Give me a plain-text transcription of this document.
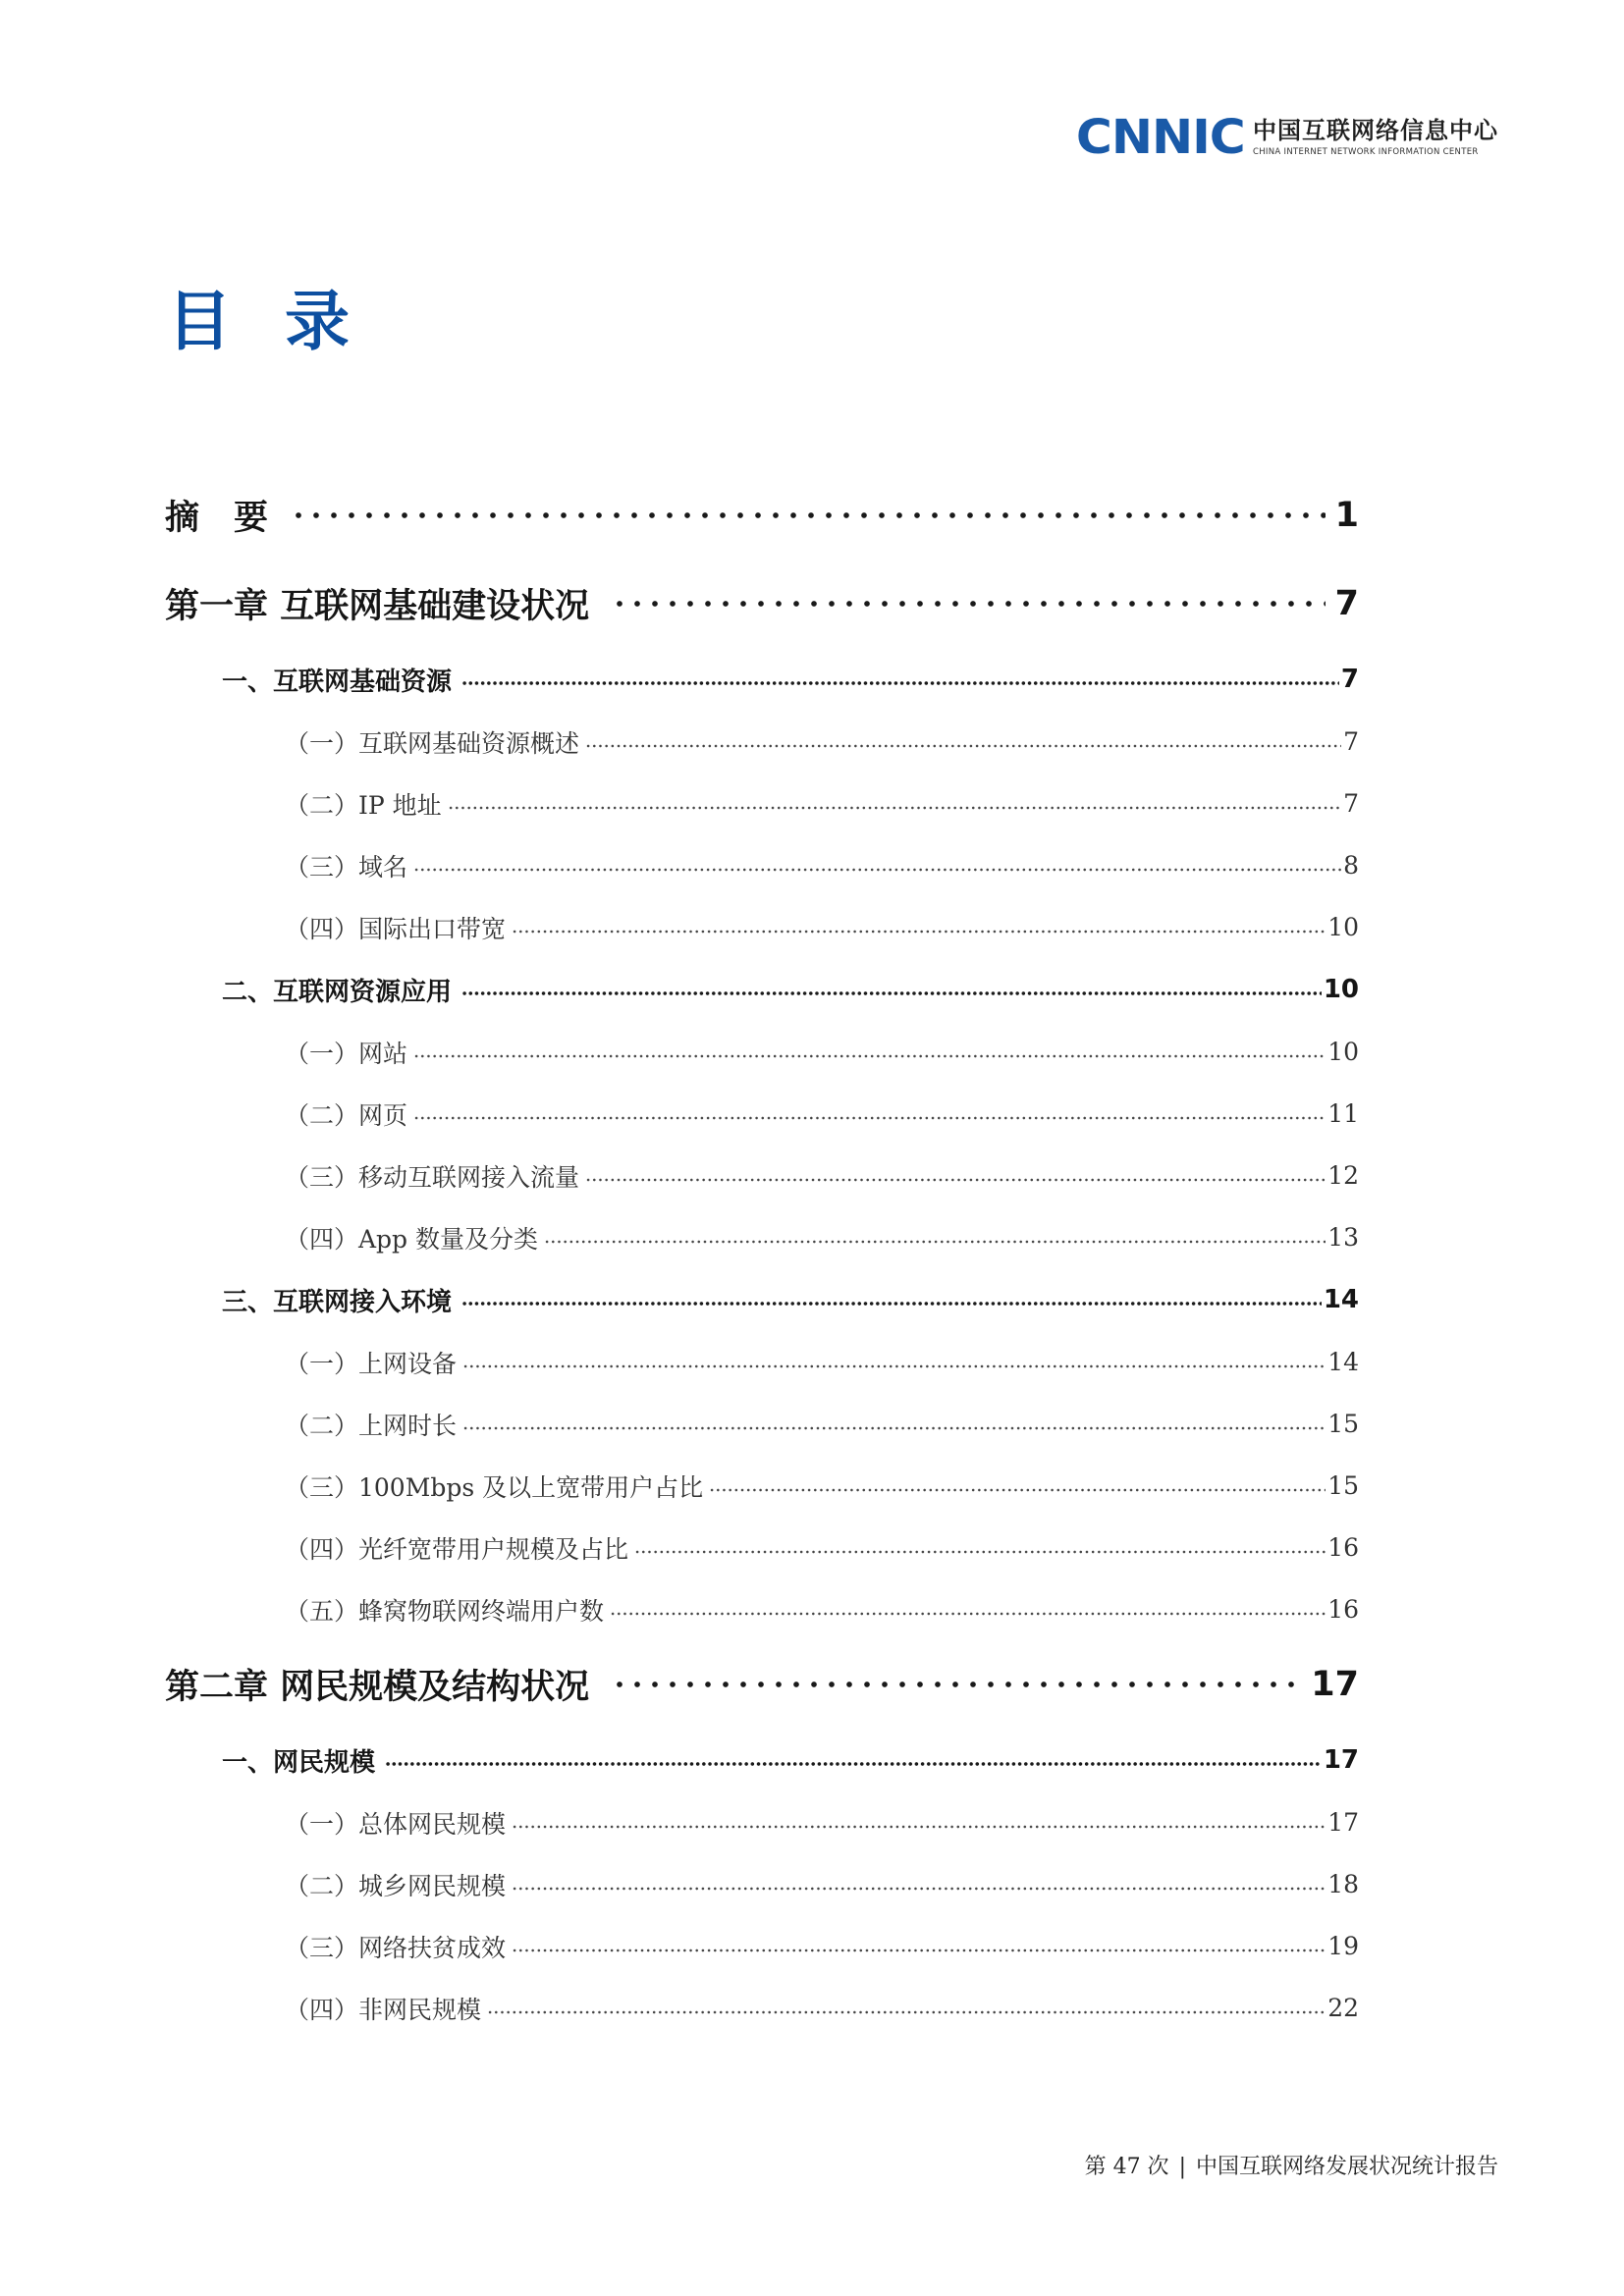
CNNIC 中国互联网络信息中心
CHINA INTERNET NETWORK INFORMATION CENTER
目录
摘　要	1
第一章 互联网基础建设状况	7
一、互联网基础资源	7
（一）互联网基础资源概述	7
（二）IP 地址	7
（三）域名	8
（四）国际出口带宽	10
二、互联网资源应用	10
（一）网站	10
（二）网页	11
（三）移动互联网接入流量	12
（四）App 数量及分类	13
三、互联网接入环境	14
（一）上网设备	14
（二）上网时长	15
（三）100Mbps 及以上宽带用户占比	15
（四）光纤宽带用户规模及占比	16
（五）蜂窝物联网终端用户数	16
第二章 网民规模及结构状况	17
一、网民规模	17
（一）总体网民规模	17
（二）城乡网民规模	18
（三）网络扶贫成效	19
（四）非网民规模	22
第 47 次 | 中国互联网络发展状况统计报告
